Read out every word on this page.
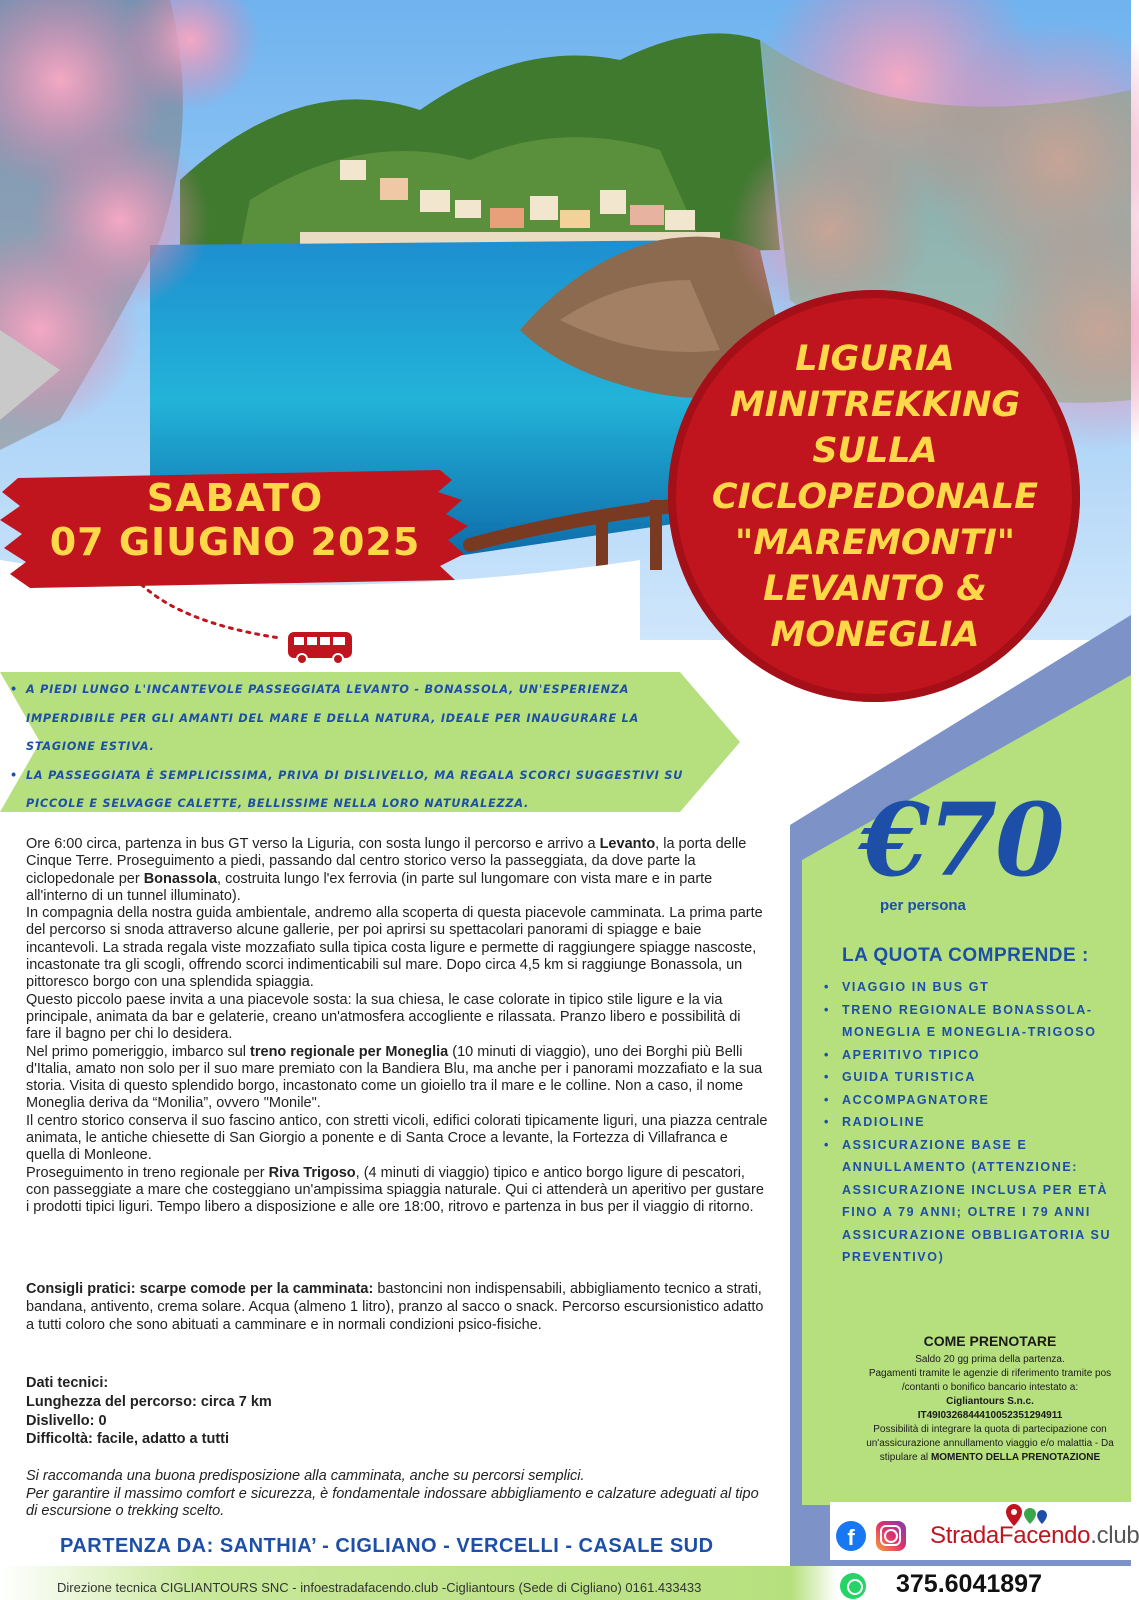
SABATO
07 GIUGNO 2025
LIGURIA
MINITREKKING
SULLA
CICLOPEDONALE
"MAREMONTI"
LEVANTO &
MONEGLIA
€70
per persona
LA QUOTA COMPRENDE :
• VIAGGIO IN BUS GT
• TRENO REGIONALE BONASSOLA-MONEGLIA E MONEGLIA-TRIGOSO
• APERITIVO TIPICO
• GUIDA TURISTICA
• ACCOMPAGNATORE
• RADIOLINE
• ASSICURAZIONE BASE E ANNULLAMENTO (ATTENZIONE: ASSICURAZIONE INCLUSA PER ETÀ FINO A 79 ANNI; OLTRE I 79 ANNI ASSICURAZIONE OBBLIGATORIA SU PREVENTIVO)
COME PRENOTARE

Saldo 20 gg prima della partenza.

Pagamenti tramite le agenzie di riferimento tramite pos /contanti o bonifico bancario intestato a:

Cigliantours S.n.c.

IT49I0326844410052351294911

Possibilità di integrare la quota di partecipazione con un'assicurazione annullamento viaggio e/o malattia - Da stipulare al MOMENTO DELLA PRENOTAZIONE

f	StradaFacendo.club
• A PIEDI LUNGO L'INCANTEVOLE PASSEGGIATA LEVANTO - BONASSOLA, UN'ESPERIENZA IMPERDIBILE PER GLI AMANTI DEL MARE E DELLA NATURA, IDEALE PER INAUGURARE LA STAGIONE ESTIVA.
• LA PASSEGGIATA È SEMPLICISSIMA, PRIVA DI DISLIVELLO, MA REGALA SCORCI SUGGESTIVI SU PICCOLE E SELVAGGE CALETTE, BELLISSIME NELLA LORO NATURALEZZA.

Ore 6:00 circa, partenza in bus GT verso la Liguria, con sosta lungo il percorso e arrivo a Levanto, la porta delle Cinque Terre. Proseguimento a piedi, passando dal centro storico verso la passeggiata, da dove parte la ciclopedonale per Bonassola, costruita lungo l'ex ferrovia (in parte sul lungomare con vista mare e in parte all'interno di un tunnel illuminato).

In compagnia della nostra guida ambientale, andremo alla scoperta di questa piacevole camminata. La prima parte del percorso si snoda attraverso alcune gallerie, per poi aprirsi su spettacolari panorami di spiagge e baie incantevoli. La strada regala viste mozzafiato sulla tipica costa ligure e permette di raggiungere spiagge nascoste, incastonate tra gli scogli, offrendo scorci indimenticabili sul mare. Dopo circa 4,5 km si raggiunge Bonassola, un pittoresco borgo con una splendida spiaggia.

Questo piccolo paese invita a una piacevole sosta: la sua chiesa, le case colorate in tipico stile ligure e la via principale, animata da bar e gelaterie, creano un'atmosfera accogliente e rilassata. Pranzo libero e possibilità di fare il bagno per chi lo desidera.

Nel primo pomeriggio, imbarco sul treno regionale per Moneglia (10 minuti di viaggio), uno dei Borghi più Belli d'Italia, amato non solo per il suo mare premiato con la Bandiera Blu, ma anche per i panorami mozzafiato e la sua storia. Visita di questo splendido borgo, incastonato come un gioiello tra il mare e le colline. Non a caso, il nome Moneglia deriva da “Monilia”, ovvero "Monile".

Il centro storico conserva il suo fascino antico, con stretti vicoli, edifici colorati tipicamente liguri, una piazza centrale animata, le antiche chiesette di San Giorgio a ponente e di Santa Croce a levante, la Fortezza di Villafranca e quella di Monleone.

Proseguimento in treno regionale per Riva Trigoso, (4 minuti di viaggio) tipico e antico borgo ligure di pescatori, con passeggiate a mare che costeggiano un'ampissima spiaggia naturale. Qui ci attenderà un aperitivo per gustare i prodotti tipici liguri. Tempo libero a disposizione e alle ore 18:00, ritrovo e partenza in bus per il viaggio di ritorno.

Consigli pratici: scarpe comode per la camminata: bastoncini non indispensabili, abbigliamento tecnico a strati, bandana, antivento, crema solare. Acqua (almeno 1 litro), pranzo al sacco o snack. Percorso escursionistico adatto a tutti coloro che sono abituati a camminare e in normali condizioni psico-fisiche.
Dati tecnici:
Lunghezza del percorso: circa 7 km
Dislivello: 0
Difficoltà: facile, adatto a tutti
Si raccomanda una buona predisposizione alla camminata, anche su percorsi semplici.
Per garantire il massimo comfort e sicurezza, è fondamentale indossare abbigliamento e calzature adeguati al tipo di escursione o trekking scelto.
PARTENZA DA: SANTHIA’ - CIGLIANO - VERCELLI - CASALE SUD
Direzione tecnica CIGLIANTOURS SNC - infoestradafacendo.club -Cigliantours (Sede di Cigliano) 0161.433433	375.6041897
